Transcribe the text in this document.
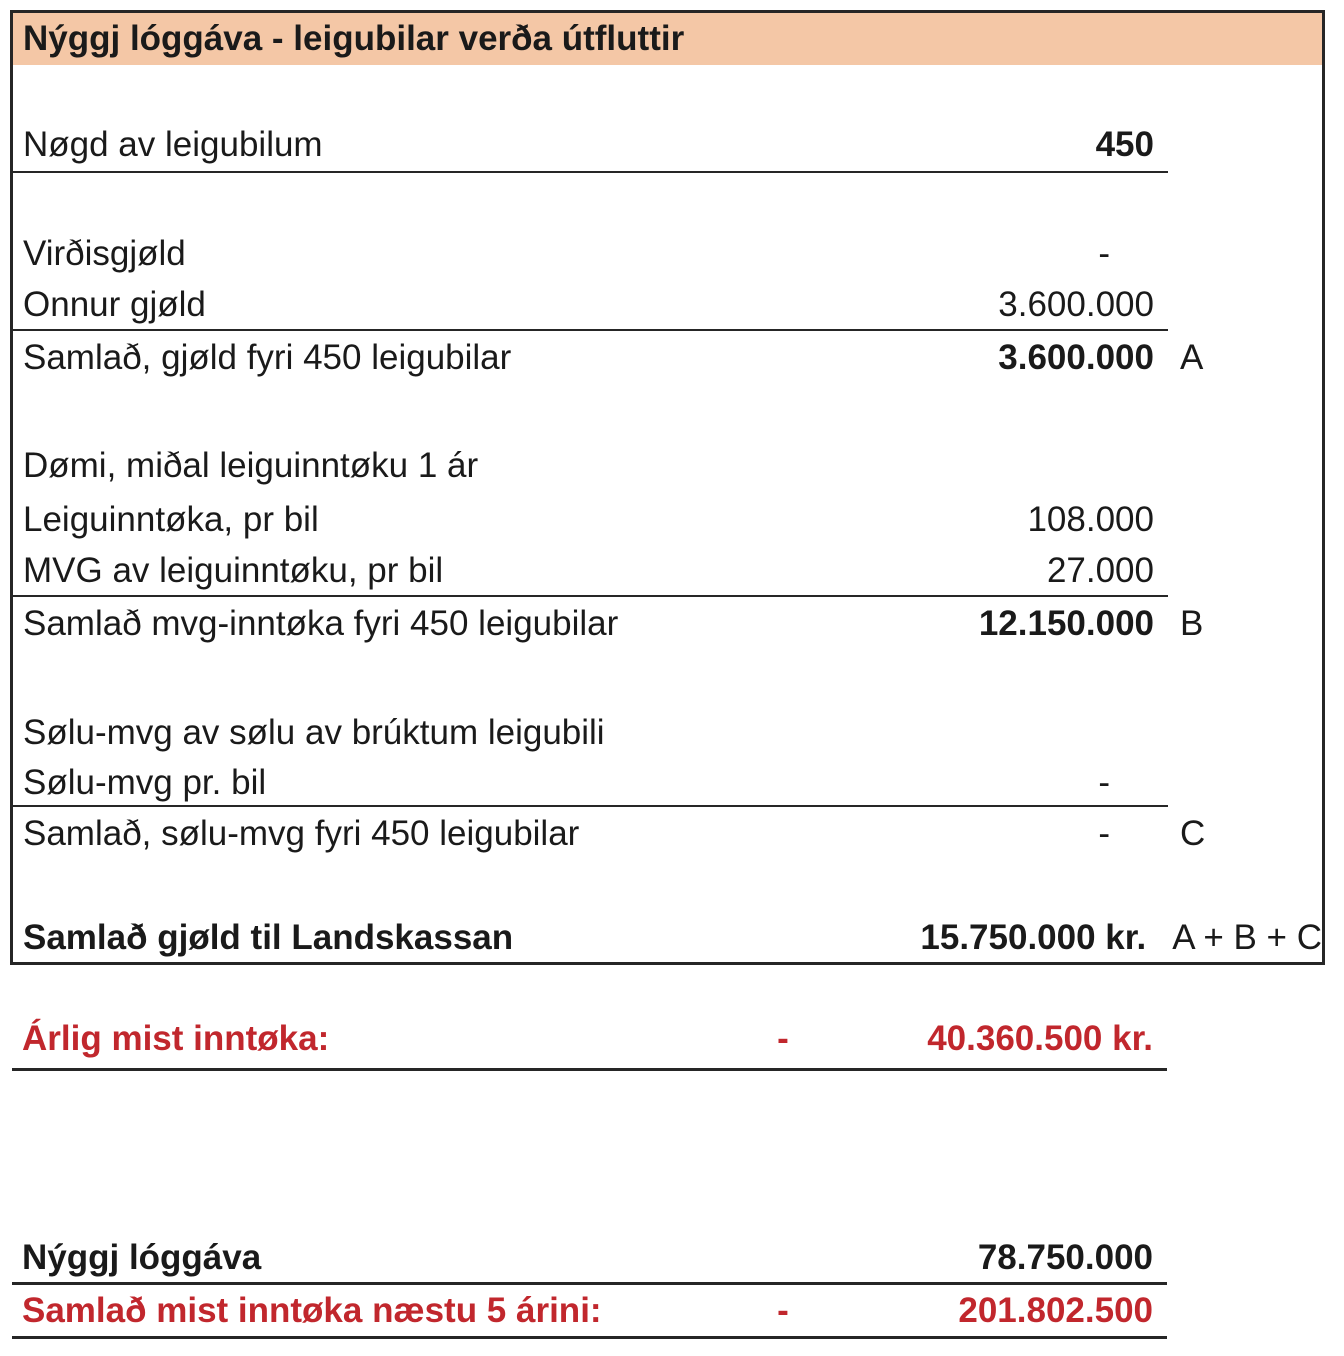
Nýggj lóggáva - leigubilar verða útfluttir
Nøgd av leigubilum	450
Virðisgjøld	-
Onnur gjøld	3.600.000
Samlað, gjøld fyri 450 leigubilar	3.600.000 A
Dømi, miðal leiguinntøku 1 ár
Leiguinntøka, pr bil	108.000
MVG av leiguinntøku, pr bil	27.000
Samlað mvg-inntøka fyri 450 leigubilar	12.150.000 B
Sølu-mvg av sølu av brúktum leigubili
Sølu-mvg pr. bil	-
Samlað, sølu-mvg fyri 450 leigubilar	-	C
Samlað gjøld til Landskassan	15.750.000 kr. A + B + C
Árlig mist inntøka:	-	40.360.500 kr.
Nýggj lóggáva	78.750.000
Samlað mist inntøka næstu 5 árini:	-	201.802.500
